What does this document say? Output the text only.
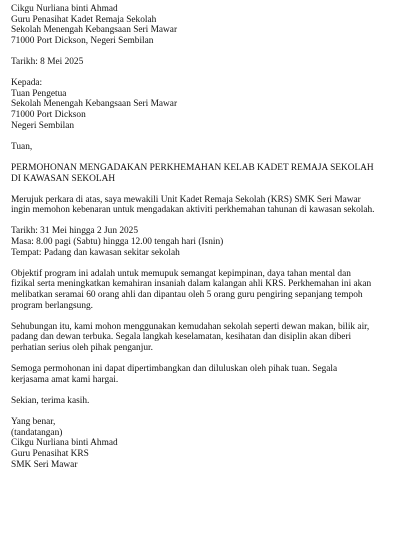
Cikgu Nurliana binti Ahmad
Guru Penasihat Kadet Remaja Sekolah
Sekolah Menengah Kebangsaan Seri Mawar
71000 Port Dickson, Negeri Sembilan
Tarikh: 8 Mei 2025
Kepada:
Tuan Pengetua
Sekolah Menengah Kebangsaan Seri Mawar
71000 Port Dickson
Negeri Sembilan
Tuan,
PERMOHONAN MENGADAKAN PERKHEMAHAN KELAB KADET REMAJA SEKOLAH
DI KAWASAN SEKOLAH
Merujuk perkara di atas, saya mewakili Unit Kadet Remaja Sekolah (KRS) SMK Seri Mawar
ingin memohon kebenaran untuk mengadakan aktiviti perkhemahan tahunan di kawasan sekolah.
Tarikh: 31 Mei hingga 2 Jun 2025
Masa: 8.00 pagi (Sabtu) hingga 12.00 tengah hari (Isnin)
Tempat: Padang dan kawasan sekitar sekolah
Objektif program ini adalah untuk memupuk semangat kepimpinan, daya tahan mental dan
fizikal serta meningkatkan kemahiran insaniah dalam kalangan ahli KRS. Perkhemahan ini akan
melibatkan seramai 60 orang ahli dan dipantau oleh 5 orang guru pengiring sepanjang tempoh
program berlangsung.
Sehubungan itu, kami mohon menggunakan kemudahan sekolah seperti dewan makan, bilik air,
padang dan dewan terbuka. Segala langkah keselamatan, kesihatan dan disiplin akan diberi
perhatian serius oleh pihak penganjur.
Semoga permohonan ini dapat dipertimbangkan dan diluluskan oleh pihak tuan. Segala
kerjasama amat kami hargai.
Sekian, terima kasih.
Yang benar,
(tandatangan)
Cikgu Nurliana binti Ahmad
Guru Penasihat KRS
SMK Seri Mawar
